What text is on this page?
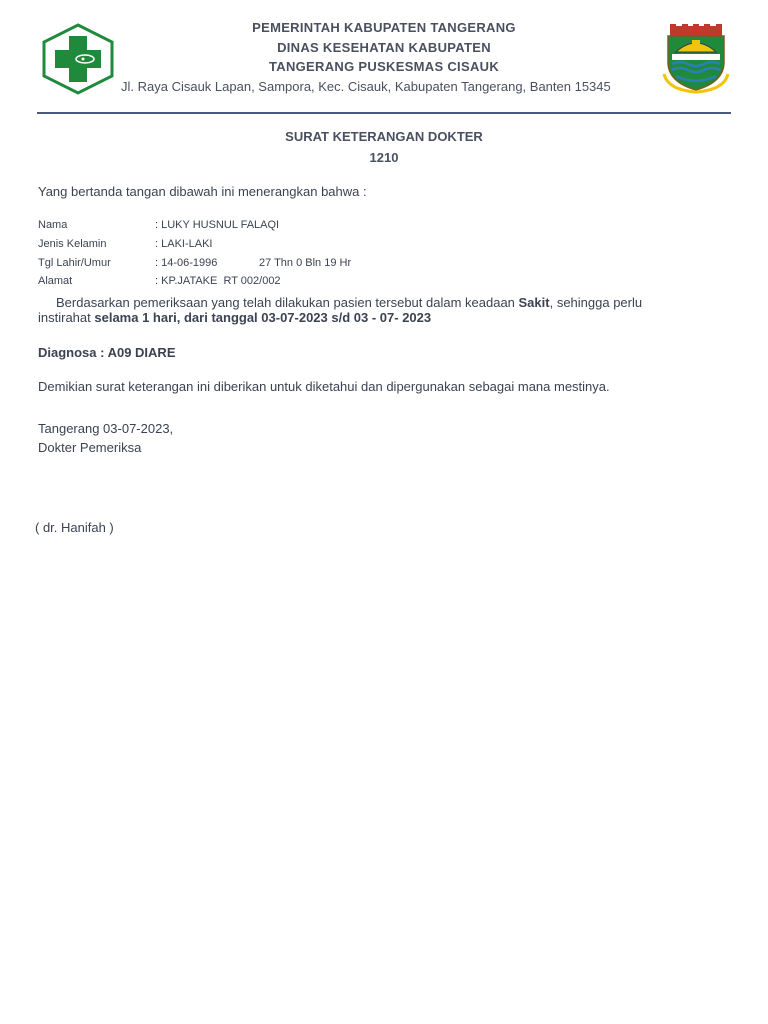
PEMERINTAH KABUPATEN TANGERANG
DINAS KESEHATAN KABUPATEN
TANGERANG PUSKESMAS CISAUK
Jl. Raya Cisauk Lapan, Sampora, Kec. Cisauk, Kabupaten Tangerang, Banten 15345
SURAT KETERANGAN DOKTER
1210
Yang bertanda tangan dibawah ini menerangkan bahwa :
Nama	: LUKY HUSNUL FALAQI
Jenis Kelamin	: LAKI-LAKI
Tgl Lahir/Umur	: 14-06-1996	27 Thn 0 Bln 19 Hr
Alamat	: KP.JATAKE  RT 002/002
Berdasarkan pemeriksaan yang telah dilakukan pasien tersebut dalam keadaan Sakit, sehingga perlu
instirahat selama 1 hari, dari tanggal 03-07-2023 s/d 03 - 07- 2023
Diagnosa : A09 DIARE
Demikian surat keterangan ini diberikan untuk diketahui dan dipergunakan sebagai mana mestinya.
Tangerang 03-07-2023,
Dokter Pemeriksa
( dr. Hanifah )
